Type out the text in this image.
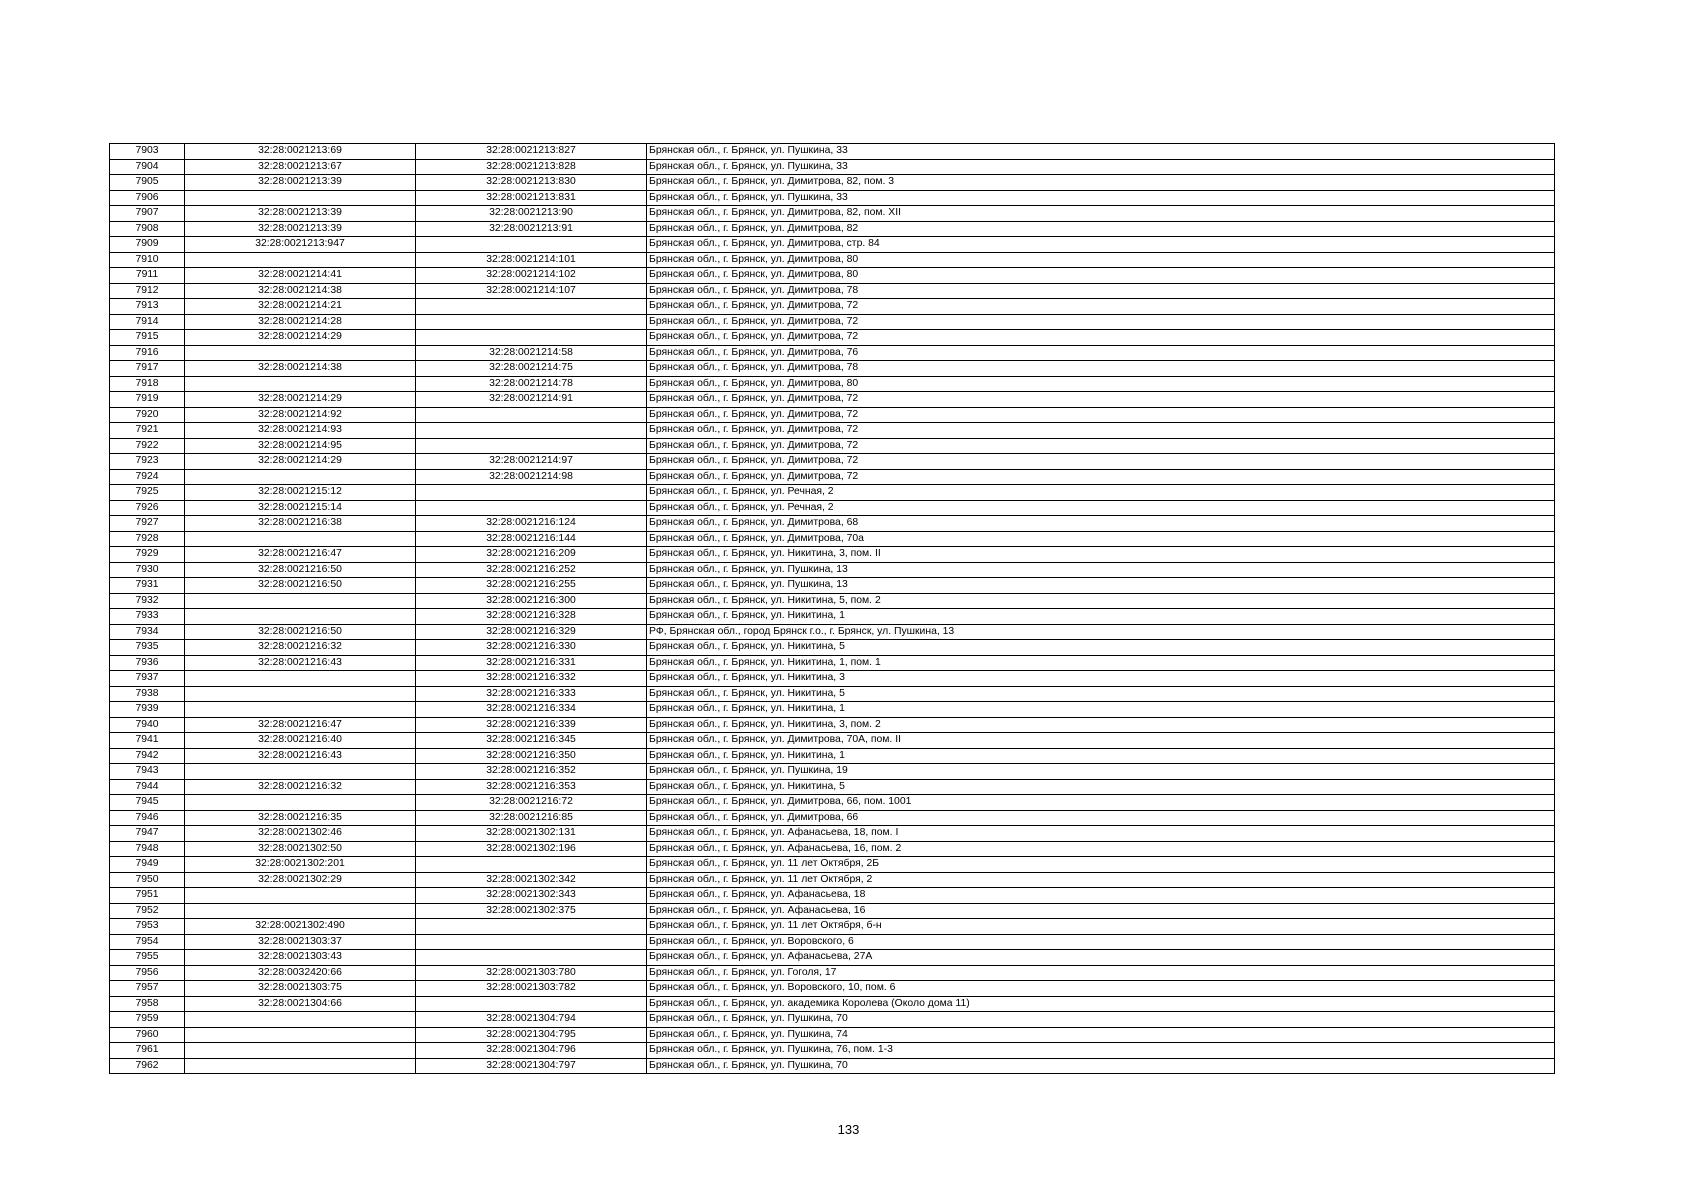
7903	32:28:0021213:69	32:28:0021213:827	Брянская обл., г. Брянск, ул. Пушкина, 33
7904	32:28:0021213:67	32:28:0021213:828	Брянская обл., г. Брянск, ул. Пушкина, 33
7905	32:28:0021213:39	32:28:0021213:830	Брянская обл., г. Брянск, ул. Димитрова, 82, пом. 3
7906		32:28:0021213:831	Брянская обл., г. Брянск, ул. Пушкина, 33
7907	32:28:0021213:39	32:28:0021213:90	Брянская обл., г. Брянск, ул. Димитрова, 82, пом. XII
7908	32:28:0021213:39	32:28:0021213:91	Брянская обл., г. Брянск, ул. Димитрова, 82
7909	32:28:0021213:947		Брянская обл., г. Брянск, ул. Димитрова, стр. 84
7910		32:28:0021214:101	Брянская обл., г. Брянск, ул. Димитрова, 80
7911	32:28:0021214:41	32:28:0021214:102	Брянская обл., г. Брянск, ул. Димитрова, 80
7912	32:28:0021214:38	32:28:0021214:107	Брянская обл., г. Брянск, ул. Димитрова, 78
7913	32:28:0021214:21		Брянская обл., г. Брянск, ул. Димитрова, 72
7914	32:28:0021214:28		Брянская обл., г. Брянск, ул. Димитрова, 72
7915	32:28:0021214:29		Брянская обл., г. Брянск, ул. Димитрова, 72
7916		32:28:0021214:58	Брянская обл., г. Брянск, ул. Димитрова, 76
7917	32:28:0021214:38	32:28:0021214:75	Брянская обл., г. Брянск, ул. Димитрова, 78
7918		32:28:0021214:78	Брянская обл., г. Брянск, ул. Димитрова, 80
7919	32:28:0021214:29	32:28:0021214:91	Брянская обл., г. Брянск, ул. Димитрова, 72
7920	32:28:0021214:92		Брянская обл., г. Брянск, ул. Димитрова, 72
7921	32:28:0021214:93		Брянская обл., г. Брянск, ул. Димитрова, 72
7922	32:28:0021214:95		Брянская обл., г. Брянск, ул. Димитрова, 72
7923	32:28:0021214:29	32:28:0021214:97	Брянская обл., г. Брянск, ул. Димитрова, 72
7924		32:28:0021214:98	Брянская обл., г. Брянск, ул. Димитрова, 72
7925	32:28:0021215:12		Брянская обл., г. Брянск, ул. Речная, 2
7926	32:28:0021215:14		Брянская обл., г. Брянск, ул. Речная, 2
7927	32:28:0021216:38	32:28:0021216:124	Брянская обл., г. Брянск, ул. Димитрова, 68
7928		32:28:0021216:144	Брянская обл., г. Брянск, ул. Димитрова, 70а
7929	32:28:0021216:47	32:28:0021216:209	Брянская обл., г. Брянск, ул. Никитина, 3, пом. II
7930	32:28:0021216:50	32:28:0021216:252	Брянская обл., г. Брянск, ул. Пушкина, 13
7931	32:28:0021216:50	32:28:0021216:255	Брянская обл., г. Брянск, ул. Пушкина, 13
7932		32:28:0021216:300	Брянская обл., г. Брянск, ул. Никитина, 5, пом. 2
7933		32:28:0021216:328	Брянская обл., г. Брянск, ул. Никитина, 1
7934	32:28:0021216:50	32:28:0021216:329	РФ, Брянская обл., город Брянск г.о., г. Брянск, ул. Пушкина, 13
7935	32:28:0021216:32	32:28:0021216:330	Брянская обл., г. Брянск, ул. Никитина, 5
7936	32:28:0021216:43	32:28:0021216:331	Брянская обл., г. Брянск, ул. Никитина, 1, пом. 1
7937		32:28:0021216:332	Брянская обл., г. Брянск, ул. Никитина, 3
7938		32:28:0021216:333	Брянская обл., г. Брянск, ул. Никитина, 5
7939		32:28:0021216:334	Брянская обл., г. Брянск, ул. Никитина, 1
7940	32:28:0021216:47	32:28:0021216:339	Брянская обл., г. Брянск, ул. Никитина, 3, пом. 2
7941	32:28:0021216:40	32:28:0021216:345	Брянская обл., г. Брянск, ул. Димитрова, 70А, пом. II
7942	32:28:0021216:43	32:28:0021216:350	Брянская обл., г. Брянск, ул. Никитина, 1
7943		32:28:0021216:352	Брянская обл., г. Брянск, ул. Пушкина, 19
7944	32:28:0021216:32	32:28:0021216:353	Брянская обл., г. Брянск, ул. Никитина, 5
7945		32:28:0021216:72	Брянская обл., г. Брянск, ул. Димитрова, 66, пом. 1001
7946	32:28:0021216:35	32:28:0021216:85	Брянская обл., г. Брянск, ул. Димитрова, 66
7947	32:28:0021302:46	32:28:0021302:131	Брянская обл., г. Брянск, ул. Афанасьева, 18, пом. I
7948	32:28:0021302:50	32:28:0021302:196	Брянская обл., г. Брянск, ул. Афанасьева, 16, пом. 2
7949	32:28:0021302:201		Брянская обл., г. Брянск, ул. 11 лет Октября, 2Б
7950	32:28:0021302:29	32:28:0021302:342	Брянская обл., г. Брянск, ул. 11 лет Октября, 2
7951		32:28:0021302:343	Брянская обл., г. Брянск, ул. Афанасьева, 18
7952		32:28:0021302:375	Брянская обл., г. Брянск, ул. Афанасьева, 16
7953	32:28:0021302:490		Брянская обл., г. Брянск, ул. 11 лет Октября, б-н
7954	32:28:0021303:37		Брянская обл., г. Брянск, ул. Воровского, 6
7955	32:28:0021303:43		Брянская обл., г. Брянск, ул. Афанасьева, 27А
7956	32:28:0032420:66	32:28:0021303:780	Брянская обл., г. Брянск, ул. Гоголя, 17
7957	32:28:0021303:75	32:28:0021303:782	Брянская обл., г. Брянск, ул. Воровского, 10, пом. 6
7958	32:28:0021304:66		Брянская обл., г. Брянск, ул. академика Королева (Около дома 11)
7959		32:28:0021304:794	Брянская обл., г. Брянск, ул. Пушкина, 70
7960		32:28:0021304:795	Брянская обл., г. Брянск, ул. Пушкина, 74
7961		32:28:0021304:796	Брянская обл., г. Брянск, ул. Пушкина, 76, пом. 1-3
7962		32:28:0021304:797	Брянская обл., г. Брянск, ул. Пушкина, 70
133
